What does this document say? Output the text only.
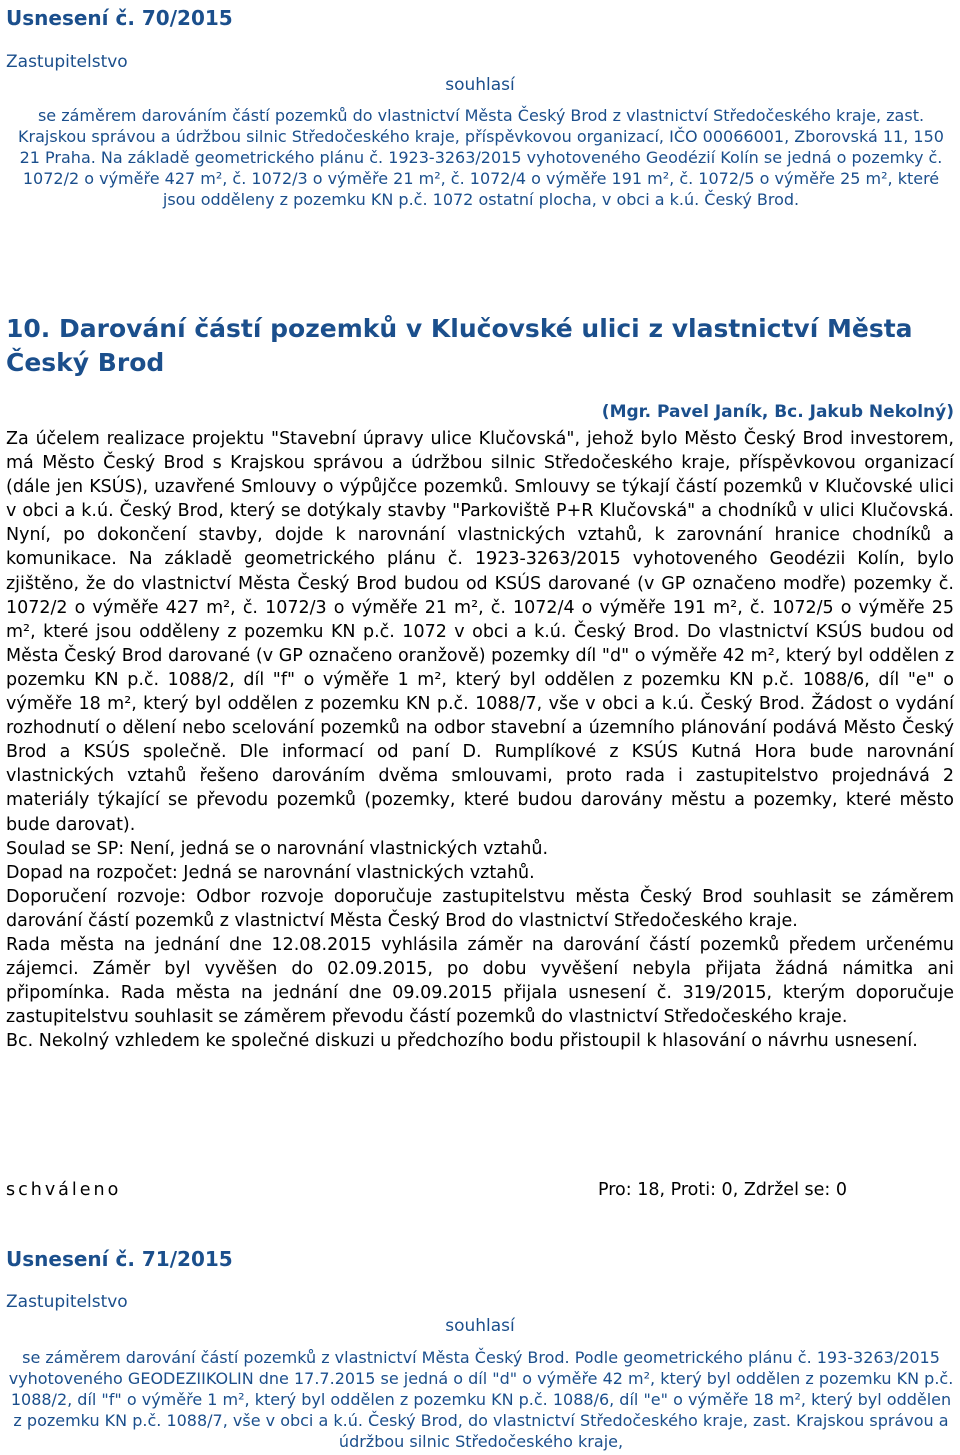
Usnesení č. 70/2015
Zastupitelstvo
souhlasí
se záměrem darováním částí pozemků do vlastnictví Města Český Brod z vlastnictví Středočeského kraje, zast. Krajskou správou a údržbou silnic Středočeského kraje, příspěvkovou organizací, IČO 00066001, Zborovská 11, 150 21 Praha. Na základě geometrického plánu č. 1923-3263/2015 vyhotoveného Geodézií Kolín se jedná o pozemky č. 1072/2 o výměře 427 m², č. 1072/3 o výměře 21 m², č. 1072/4 o výměře 191 m², č. 1072/5 o výměře 25 m², které jsou odděleny z pozemku KN p.č. 1072 ostatní plocha, v obci a k.ú. Český Brod.
10. Darování částí pozemků v Klučovské ulici z vlastnictví Města Český Brod
(Mgr. Pavel Janík, Bc. Jakub Nekolný)

Za účelem realizace projektu "Stavební úpravy ulice Klučovská", jehož bylo Město Český Brod investorem, má Město Český Brod s Krajskou správou a údržbou silnic Středočeského kraje, příspěvkovou organizací (dále jen KSÚS), uzavřené Smlouvy o výpůjčce pozemků. Smlouvy se týkají částí pozemků v Klučovské ulici v obci a k.ú. Český Brod, který se dotýkaly stavby "Parkoviště P+R Klučovská" a chodníků v ulici Klučovská. Nyní, po dokončení stavby, dojde k narovnání vlastnických vztahů, k zarovnání hranice chodníků a komunikace. Na základě geometrického plánu č. 1923-3263/2015 vyhotoveného Geodézii Kolín, bylo zjištěno, že do vlastnictví Města Český Brod budou od KSÚS darované (v GP označeno modře) pozemky č. 1072/2 o výměře 427 m², č. 1072/3 o výměře 21 m², č. 1072/4 o výměře 191 m², č. 1072/5 o výměře 25 m², které jsou odděleny z pozemku KN p.č. 1072 v obci a k.ú. Český Brod. Do vlastnictví KSÚS budou od Města Český Brod darované (v GP označeno oranžově) pozemky díl "d" o výměře 42 m², který byl oddělen z pozemku KN p.č. 1088/2, díl "f" o výměře 1 m², který byl oddělen z pozemku KN p.č. 1088/6, díl "e" o výměře 18 m², který byl oddělen z pozemku KN p.č. 1088/7, vše v obci a k.ú. Český Brod. Žádost o vydání rozhodnutí o dělení nebo scelování pozemků na odbor stavební a územního plánování podává Město Český Brod a KSÚS společně. Dle informací od paní D. Rumplíkové z KSÚS Kutná Hora bude narovnání vlastnických vztahů řešeno darováním dvěma smlouvami, proto rada i zastupitelstvo projednává 2 materiály týkající se převodu pozemků (pozemky, které budou darovány městu a pozemky, které město bude darovat).

Soulad se SP: Není, jedná se o narovnání vlastnických vztahů.

Dopad na rozpočet: Jedná se narovnání vlastnických vztahů.

Doporučení rozvoje: Odbor rozvoje doporučuje zastupitelstvu města Český Brod souhlasit se záměrem darování částí pozemků z vlastnictví Města Český Brod do vlastnictví Středočeského kraje.

Rada města na jednání dne 12.08.2015 vyhlásila záměr na darování částí pozemků předem určenému zájemci. Záměr byl vyvěšen do 02.09.2015, po dobu vyvěšení nebyla přijata žádná námitka ani připomínka. Rada města na jednání dne 09.09.2015 přijala usnesení č. 319/2015, kterým doporučuje zastupitelstvu souhlasit se záměrem převodu částí pozemků do vlastnictví Středočeského kraje.

Bc. Nekolný vzhledem ke společné diskuzi u předchozího bodu přistoupil k hlasování o návrhu usnesení.

schváleno	Pro: 18, Proti: 0, Zdržel se: 0
Usnesení č. 71/2015
Zastupitelstvo
souhlasí
se záměrem darování částí pozemků z vlastnictví Města Český Brod. Podle geometrického plánu č. 193-3263/2015 vyhotoveného GEODEZIIKOLIN dne 17.7.2015 se jedná o díl "d" o výměře 42 m², který byl oddělen z pozemku KN p.č. 1088/2, díl "f" o výměře 1 m², který byl oddělen z pozemku KN p.č. 1088/6, díl "e" o výměře 18 m², který byl oddělen z pozemku KN p.č. 1088/7, vše v obci a k.ú. Český Brod, do vlastnictví Středočeského kraje, zast. Krajskou správou a údržbou silnic Středočeského kraje,
